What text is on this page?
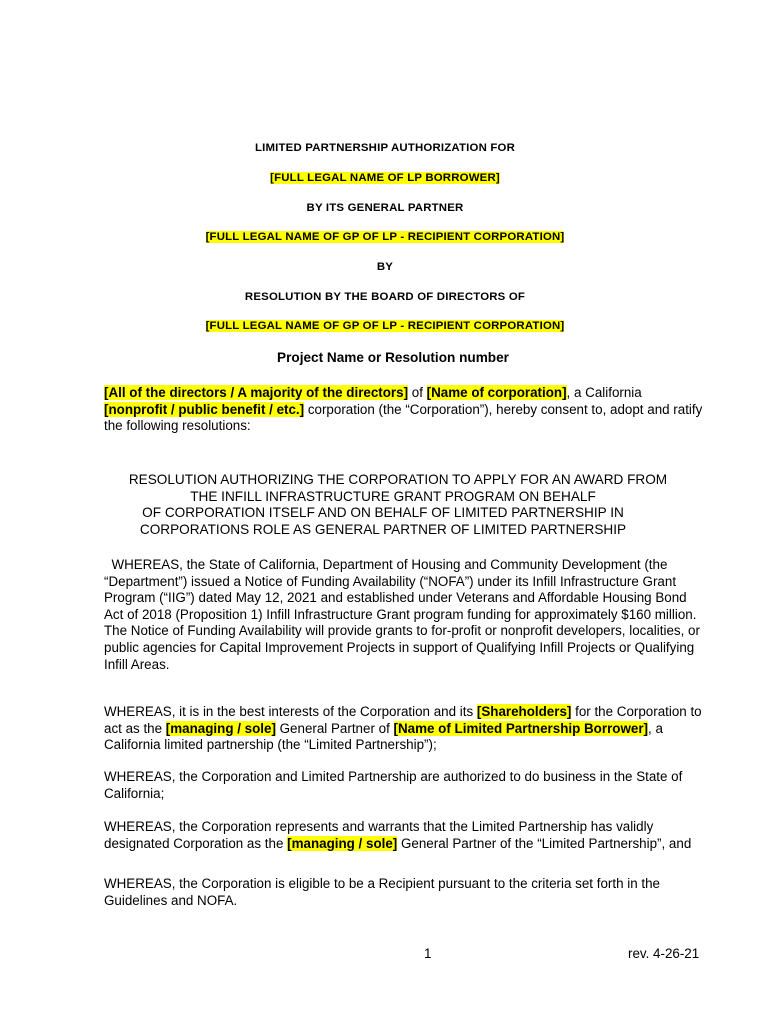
LIMITED PARTNERSHIP AUTHORIZATION FOR
[FULL LEGAL NAME OF LP BORROWER]
BY ITS GENERAL PARTNER
[FULL LEGAL NAME OF GP OF LP - RECIPIENT CORPORATION]
BY
RESOLUTION BY THE BOARD OF DIRECTORS OF
[FULL LEGAL NAME OF GP OF LP - RECIPIENT CORPORATION]
Project Name or Resolution number

[All of the directors / A majority of the directors] of [Name of corporation], a California [nonprofit / public benefit / etc.] corporation (the “Corporation”), hereby consent to, adopt and ratify the following resolutions:

RESOLUTION AUTHORIZING THE CORPORATION TO APPLY FOR AN AWARD FROM
THE INFILL INFRASTRUCTURE GRANT PROGRAM ON BEHALF
OF CORPORATION ITSELF AND ON BEHALF OF LIMITED PARTNERSHIP IN
CORPORATIONS ROLE AS GENERAL PARTNER OF LIMITED PARTNERSHIP

WHEREAS, the State of California, Department of Housing and Community Development (the “Department”) issued a Notice of Funding Availability (“NOFA”) under its Infill Infrastructure Grant Program (“IIG”) dated May 12, 2021 and established under Veterans and Affordable Housing Bond Act of 2018 (Proposition 1) Infill Infrastructure Grant program funding for approximately $160 million. The Notice of Funding Availability will provide grants to for-profit or nonprofit developers, localities, or public agencies for Capital Improvement Projects in support of Qualifying Infill Projects or Qualifying Infill Areas.

WHEREAS, it is in the best interests of the Corporation and its [Shareholders] for the Corporation to act as the [managing / sole] General Partner of [Name of Limited Partnership Borrower], a California limited partnership (the “Limited Partnership”);

WHEREAS, the Corporation and Limited Partnership are authorized to do business in the State of California;

WHEREAS, the Corporation represents and warrants that the Limited Partnership has validly designated Corporation as the [managing / sole] General Partner of the “Limited Partnership”, and

WHEREAS, the Corporation is eligible to be a Recipient pursuant to the criteria set forth in the Guidelines and NOFA.

1	rev. 4-26-21
